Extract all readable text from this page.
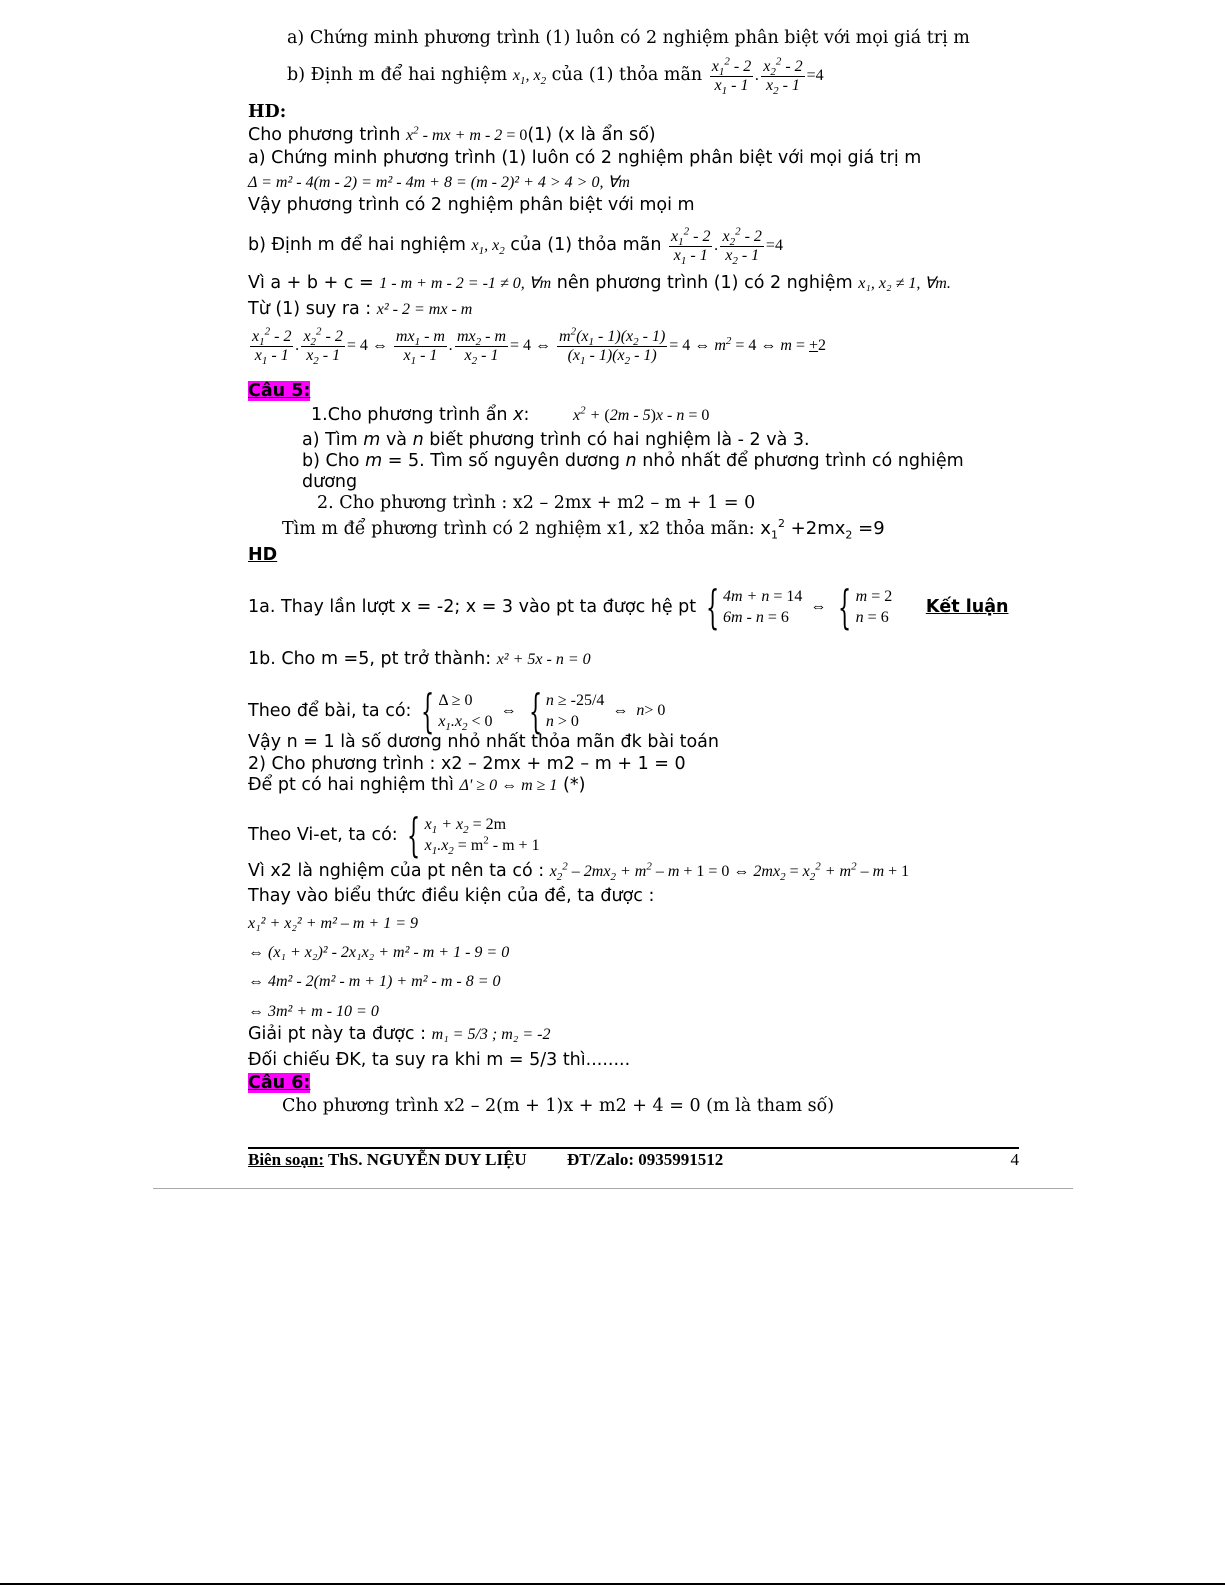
a) Chứng minh phương trình (1) luôn có 2 nghiệm phân biệt với mọi giá trị m
b) Định m để hai nghiệm $x_1$, $x_2$ của (1) thỏa mãn $\frac{x_1^2 - 2}{x_1 - 1}$ . $\frac{x_2^2 - 2}{x_2 - 1} =4$
HD:
Cho phương trình $x^2$ - mx + m - 2 = 0(1) (x là ẩn số)
a) Chứng minh phương trình (1) luôn có 2 nghiệm phân biệt với mọi giá trị m
Δ = m² - 4(m - 2) = m² - 4m + 8 = (m - 2)² + 4 > 4 > 0, ∀m
Vậy phương trình có 2 nghiệm phân biệt với mọi m
b) Định m để hai nghiệm $x_1$, $x_2$ của (1) thỏa mãn $\frac{x_1^2 - 2}{x_1 - 1}$ . $\frac{x_2^2 - 2}{x_2 - 1} =4$
Vì a + b + c = 1 - m + m - 2 = -1 ≠ 0, ∀m nên phương trình (1) có 2 nghiệm x₁, x₂ ≠ 1, ∀m.
Từ (1) suy ra : x² - 2 = mx - m
$\frac{x_1^2 - 2}{x_1 - 1}$ . $\frac{x_2^2 - 2}{x_2 - 1} = 4$ ⇔ $\frac{mx_1 - m}{x_1 - 1}$ . $\frac{mx_2 - m}{x_2 - 1} = 4$ ⇔ $\frac{m^2(x_1 - 1)(x_2 - 1)}{(x_1 - 1)(x_2 - 1)} = 4$ ⇔ $m^2 = 4$ ⇔ m = +2
Câu 5:
1.Cho phương trình ẩn x:	$x^2 + (2m - 5)x - n = 0$
a) Tìm m và n biết phương trình có hai nghiệm là - 2 và 3.
b) Cho m = 5. Tìm số nguyên dương n nhỏ nhất để phương trình có nghiệm
dương
2. Cho phương trình : x2 – 2mx + m2 – m + 1 = 0
Tìm m để phương trình có 2 nghiệm x1, x2 thỏa mãn: $x_1^2 +2mx_2 =9$
HD
1a. Thay lần lượt x = -2; x = 3 vào pt ta được hệ pt { 4m + n = 14
6m - n = 6
⇔ { m = 2
n = 6
Kết luận
1b. Cho m =5, pt trở thành: x² + 5x - n = 0
Theo để bài, ta có: { Δ ≥ 0
$x_1.x_2 < 0$
⇔ { n ≥ -25/4
n > 0
⇔ n > 0
Vậy n = 1 là số dương nhỏ nhất thỏa mãn đk bài toán
2) Cho phương trình : x2 – 2mx + m2 – m + 1 = 0
Để pt có hai nghiệm thì Δ' ≥ 0 ⇔ m ≥ 1 (*)
Theo Vi-et, ta có: { $x_1 + x_2 = 2m$
$x_1.x_2 = m^2 - m + 1$
Vì x2 là nghiệm của pt nên ta có : $x_2^2 - 2mx_2 + m^2 - m + 1 = 0$ ⇔ $2mx_2 = x_2^2 + m^2 - m + 1$
Thay vào biểu thức điều kiện của đề, ta được :
x₁² + x₂² + m² – m + 1 = 9
⇔ (x₁ + x₂)² - 2x₁x₂ + m² - m + 1 - 9 = 0
⇔ 4m² - 2(m² - m + 1) + m² - m - 8 = 0
⇔ 3m² + m - 10 = 0
Giải pt này ta được : m₁ = 5/3 ; m₂ = -2
Đối chiếu ĐK, ta suy ra khi m = 5/3 thì........
Câu 6:
Cho phương trình x2 – 2(m + 1)x + m2 + 4 = 0 (m là tham số)
Biên soạn: ThS. NGUYỄN DUY LIỆU ĐT/Zalo: 0935991512	4
